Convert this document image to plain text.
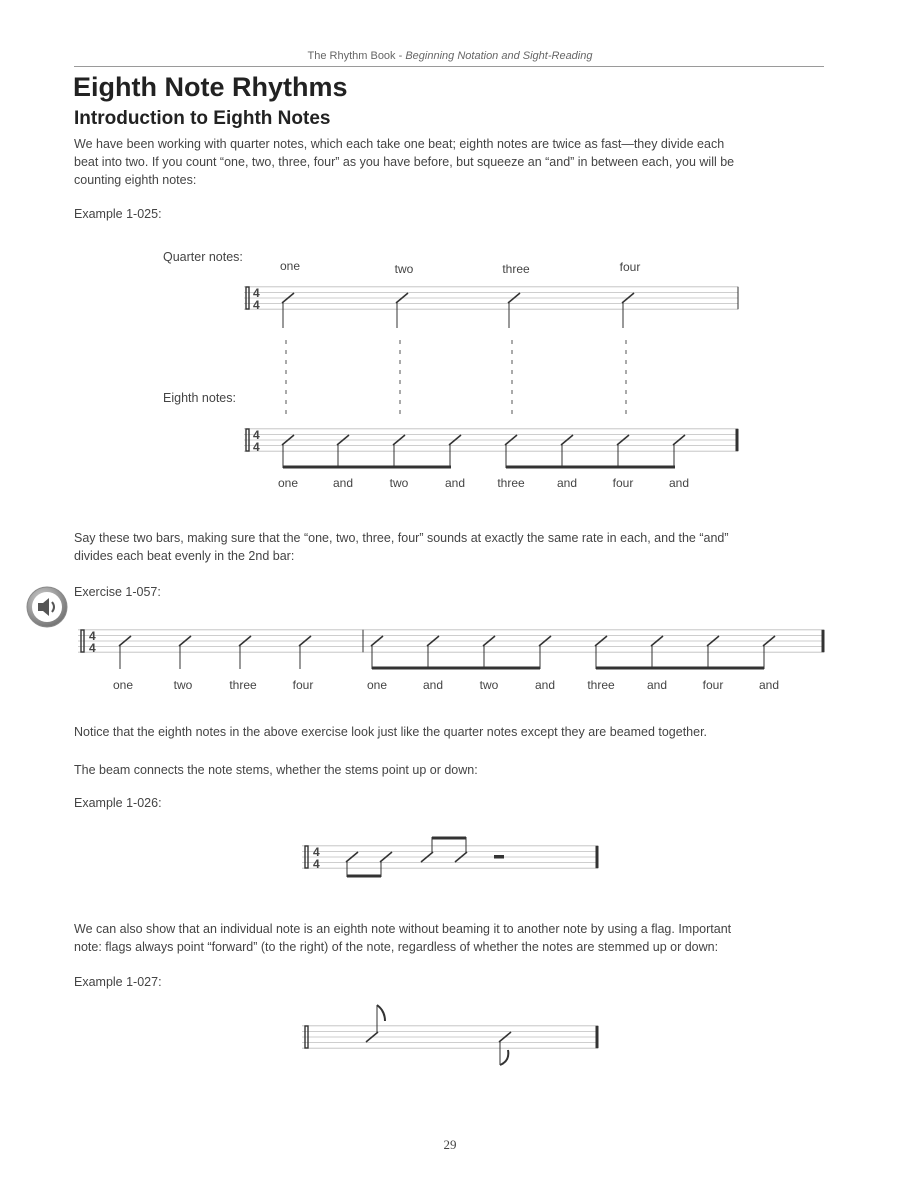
The Rhythm Book - Beginning Notation and Sight-Reading
Eighth Note Rhythms
Introduction to Eighth Notes
We have been working with quarter notes, which each take one beat; eighth notes are twice as fast—they divide each
beat into two. If you count “one, two, three, four” as you have before, but squeeze an “and” in between each, you will be
counting eighth notes:
Example 1-025:
Quarter notes:
Eighth notes:
Say these two bars, making sure that the “one, two, three, four” sounds at exactly the same rate in each, and the “and”
divides each beat evenly in the 2nd bar:
Exercise 1-057:
Notice that the eighth notes in the above exercise look just like the quarter notes except they are beamed together.
The beam connects the note stems, whether the stems point up or down:
Example 1-026:
We can also show that an individual note is an eighth note without beaming it to another note by using a flag. Important
note: flags always point “forward” (to the right) of the note, regardless of whether the notes are stemmed up or down:
Example 1-027:
4
4
4
4
4
4
4
4
one	two	three	four
one	and	two	and	three	and	four	and
one	two	three	four	one	and	two	and	three	and	four	and
29
